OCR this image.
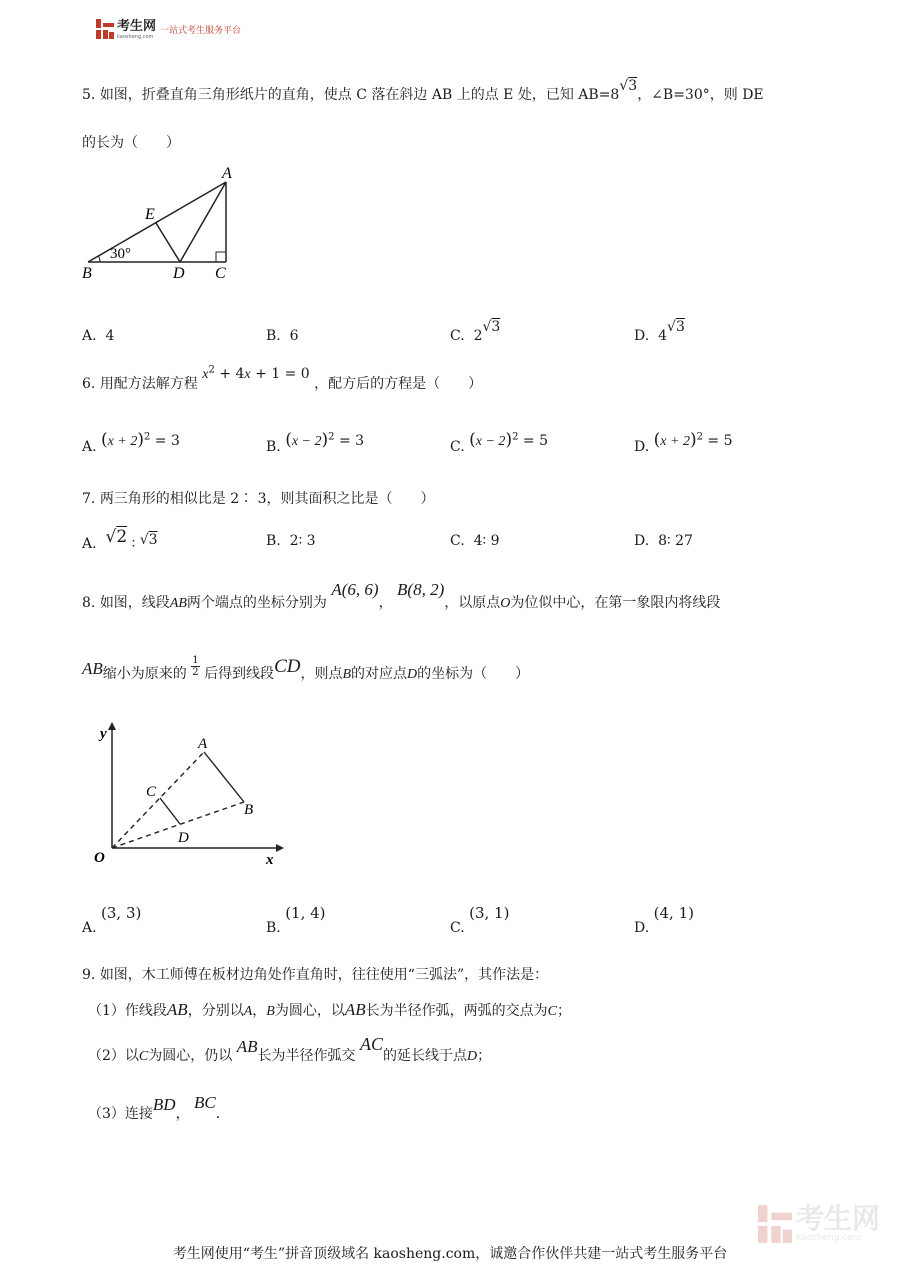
考生网
kaosheng.com
一站式考生服务平台
5. 如图，折叠直角三角形纸片的直角，使点 C 落在斜边 AB 上的点 E 处，已知 AB=8√3，∠B=30°，则 DE
的长为（　　）
A
E
B	D C
30°
A. 4	B. 6	C. 2√3
D. 4√3
6. 用配方法解方程 $x^2 + 4x + 1 = 0$ ，配方后的方程是（　　）
A. $(x + 2)^2 = 3$	B. $(x - 2)^2 = 3$	C. $(x - 2)^2 = 5$	D. $(x + 2)^2 = 5$
7. 两三角形的相似比是 2∶ 3，则其面积之比是（　　）
A. √2 ∶ √3	B. 2∶ 3	C. 4∶ 9	D. 8∶ 27
8. 如图，线段AB两个端点的坐标分别为 A(6, 6)， B(8, 2)，以原点O为位似中心，在第一象限内将线段
AB缩小为原来的 $\frac{1}{2}$ 后得到线段CD，则点B的对应点D的坐标为（　　）
y
x
O
A
B
C
D
A. (3, 3)
B. (1, 4)
C. (3, 1)
D. (4, 1)
9. 如图，木工师傅在板材边角处作直角时，往往使用“三弧法”，其作法是：
（1）作线段AB，分别以A，B为圆心，以AB长为半径作弧，两弧的交点为C；
（2）以C为圆心，仍以 AB长为半径作弧交 AC的延长线于点D；
（3）连接BD， BC.
考生网
kaosheng.com
考生网使用“考生”拼音顶级域名 kaosheng.com，诚邀合作伙伴共建一站式考生服务平台
